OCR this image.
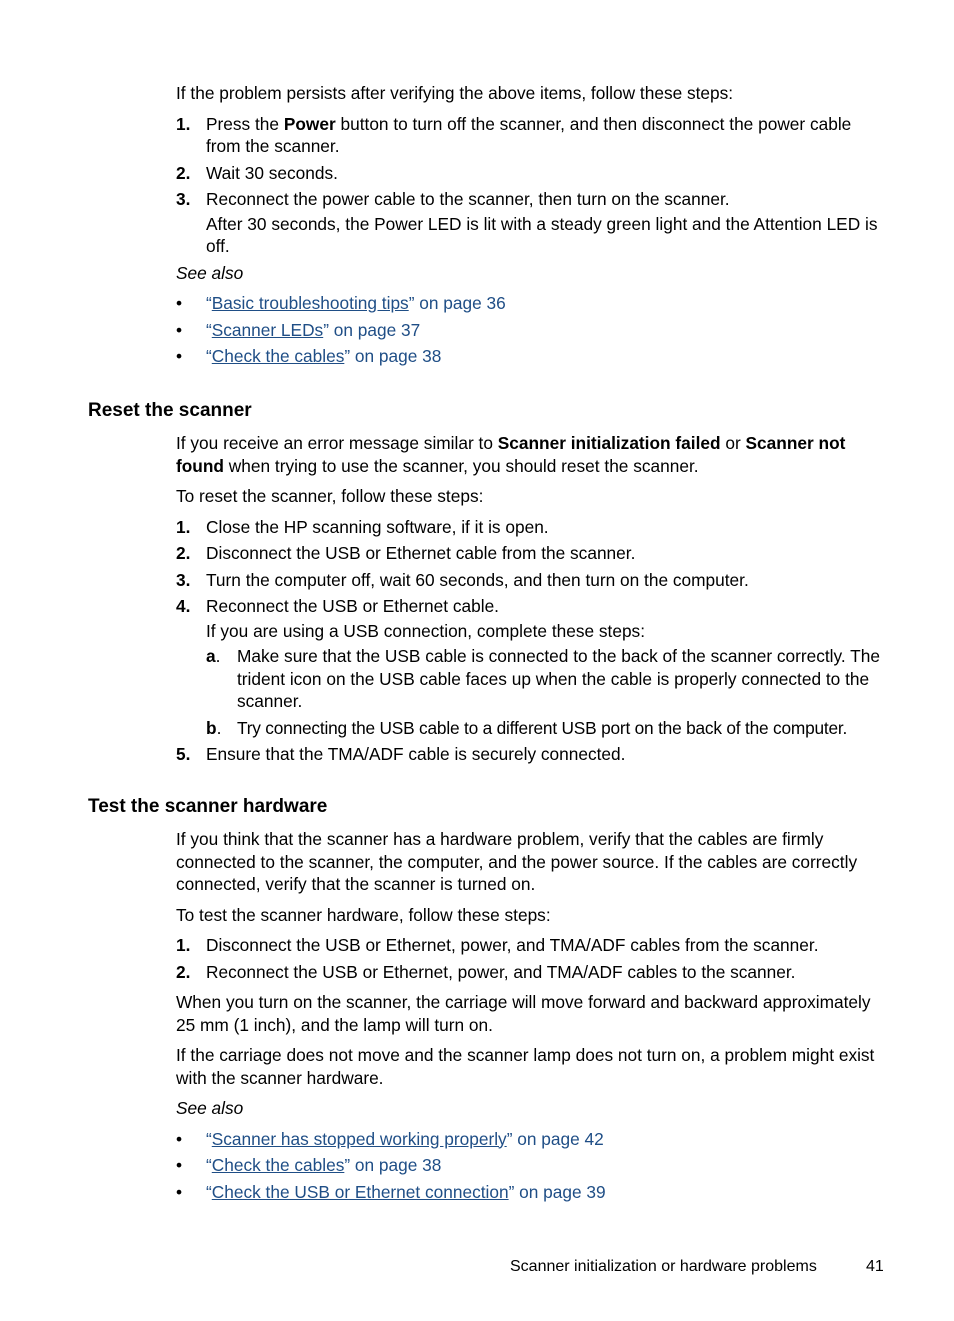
If the problem persists after verifying the above items, follow these steps:

1. Press the Power button to turn off the scanner, and then disconnect the power cable from the scanner.
2. Wait 30 seconds.
3. Reconnect the power cable to the scanner, then turn on the scanner.
After 30 seconds, the Power LED is lit with a steady green light and the Attention LED is off.

See also

• “Basic troubleshooting tips” on page 36
• “Scanner LEDs” on page 37
• “Check the cables” on page 38
Reset the scanner

If you receive an error message similar to Scanner initialization failed or Scanner not found when trying to use the scanner, you should reset the scanner.

To reset the scanner, follow these steps:

1. Close the HP scanning software, if it is open.
2. Disconnect the USB or Ethernet cable from the scanner.
3. Turn the computer off, wait 60 seconds, and then turn on the computer.
4. Reconnect the USB or Ethernet cable.
If you are using a USB connection, complete these steps:
a. Make sure that the USB cable is connected to the back of the scanner correctly. The trident icon on the USB cable faces up when the cable is properly connected to the scanner.
b. Try connecting the USB cable to a different USB port on the back of the computer.
5. Ensure that the TMA/ADF cable is securely connected.
Test the scanner hardware

If you think that the scanner has a hardware problem, verify that the cables are firmly connected to the scanner, the computer, and the power source. If the cables are correctly connected, verify that the scanner is turned on.

To test the scanner hardware, follow these steps:

1. Disconnect the USB or Ethernet, power, and TMA/ADF cables from the scanner.
2. Reconnect the USB or Ethernet, power, and TMA/ADF cables to the scanner.

When you turn on the scanner, the carriage will move forward and backward approximately 25 mm (1 inch), and the lamp will turn on.

If the carriage does not move and the scanner lamp does not turn on, a problem might exist with the scanner hardware.

See also

• “Scanner has stopped working properly” on page 42
• “Check the cables” on page 38
• “Check the USB or Ethernet connection” on page 39
Scanner initialization or hardware problems	41
